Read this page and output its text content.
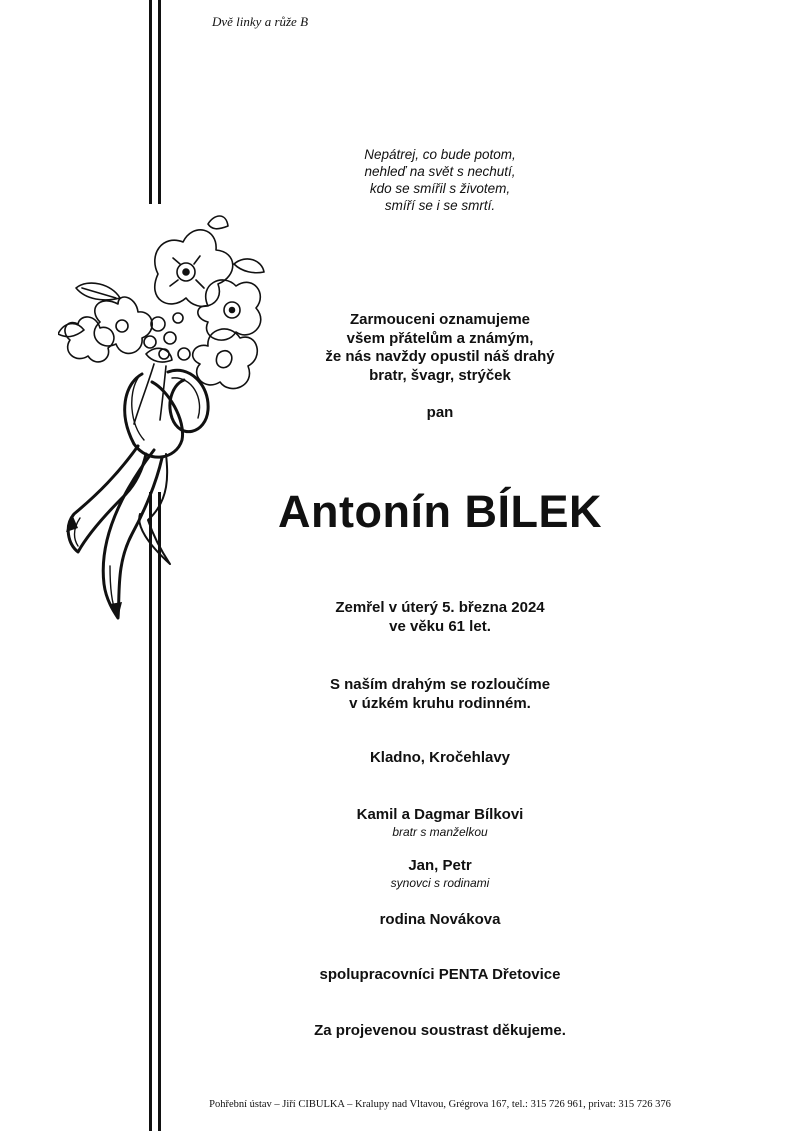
Dvě linky a růže B
Nepátrej, co bude potom,
nehleď na svět s nechutí,
kdo se smířil s životem,
smíří se i se smrtí.
Zarmouceni oznamujeme
všem přátelům a známým,
že nás navždy opustil náš drahý
bratr, švagr, strýček
pan
Antonín BÍLEK
Zemřel v úterý 5. března 2024
ve věku 61 let.
S naším drahým se rozloučíme
v úzkém kruhu rodinném.
Kladno, Kročehlavy
Kamil a Dagmar Bílkovi
bratr s manželkou
Jan, Petr
synovci s rodinami
rodina Novákova
spolupracovníci PENTA Dřetovice
Za projevenou soustrast děkujeme.
Pohřební ústav – Jiří CIBULKA – Kralupy nad Vltavou, Grégrova 167, tel.: 315 726 961, privat: 315 726 376
